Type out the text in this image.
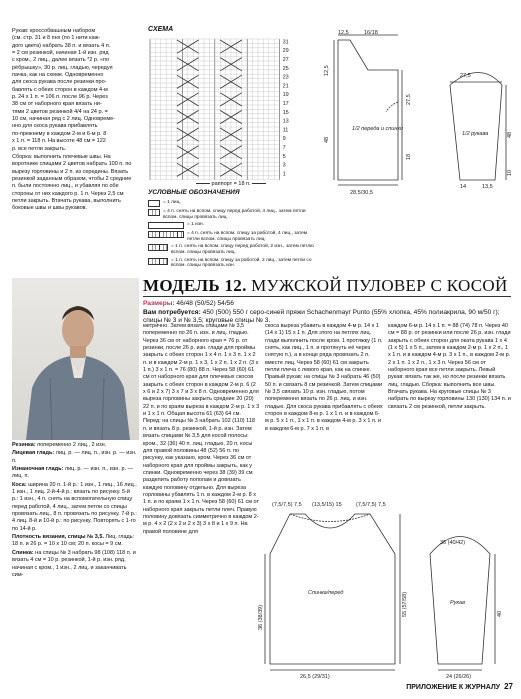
Рукав: кроссобвашным набором
(см. стр. 31 и 8 пнх (по 1 нити каж-
дого цвета) набрать 38 п. и вязать 4 п.
= 2 см резинкой, начиная 1-й изн. ряд
с кром., 2 лиц., далее вязать *2 р. «по
рёбрышку», 30 р. лиц. гладью, чередуя
пачка, как на схеме. Одновременно
для скоса рукава после резинки про-
бавлять с обеих сторон в каждом 4-м
р. 24 x 1 п. = 106 п. после 96 р. Через
38 см от наборного края вязать ни-
тями 2 цветов резинкой 4/4 на 24 р. =
10 см, начиная ряд с 2 лиц. Одновреме-
нно для скоса рукава прибавлять
по-прежнему в каждом 2-м и 6-м р. 8
x 1 п. = 118 п. На высоте 48 см = 122
р. все петли закрыть.

Сборка: выполнить плечевые швы. На воротнике спицами 2 цветов набрать 100 п. по вырезу горловины и 2 п. из середины. Вязать резинкой заданным образом, чтобы 2 средние п. были постоянно лиц., и убавляя по обе стороны от них каждого р. 1 п. Через 2,5 см петли закрыть. Втачать рукава, выполнить боковые швы и швы рукавов.

СХЕМА
31
29
27
25
23
21
19
17
15
13
11
9
7
5
3
1
раппорт = 18 п.
УСЛОВНЫЕ ОБОЗНАЧЕНИЯ
= 1 лиц.
= 4 п. снять на вспом. спицу перед работой, 4 лиц., затем петли вспом. спицы провязать лиц.
= 1 изн.
= 4 п. снять на вспом. спицу за работой, 4 лиц., затем петли вспом. спицы провязать лиц.
= 1 п. снять на вспом. спицу перед работой, 2 изн., затем петлю вспом. спицы провязать лиц.
= 1 п. снять на вспом. спицу за работой, 2 лиц., затем петли со вспом. спицы провязать изн.
12,5	16/18
12,5
27,5
48
18
28,5/30,5
1/2 переда и спинки
27,5
48
10
14	13,5
1/2 рукава
МОДЕЛЬ 12. МУЖСКОЙ ПУЛОВЕР С КОСОЙ
Размеры: 46/48 (50/52) 54/56
Вам потребуется: 450 (500) 550 г серо-синей пряжи Schachenmayr Punto (55% хлопка, 45% полиакрила, 90 м/50 г); спицы № 3 и № 3,5; круговые спицы № 3.

Резинка: попеременно 2 лиц., 2 изн.

Лицевая гладь: лиц. р. — лиц. п., изн. р. — изн. п.

Изнаночная гладь: лиц. р. — изн. п., изн. р. — лиц. п.

Коса: ширина 20 п. 1-й р.: 1 изн., 1 лиц., 16 лиц., 1 изн., 1 лиц. 2-й-4-й р.: вязать по рисунку. 5-й р.: 1 изн., 4 п. снять на вспомогательную спицу перед работой, 4 лиц., затем петли со спицы провязать лиц., 8 п. провязать по рисунку. 7-й р.: 4 лиц. 8-й и 10-й р.: по рисунку. Повторять с 1-го по 14-й р.

Плотность вязания, спицы № 3,5. Лиц. гладь: 18 п. и 26 р. = 10 x 10 см; 20 п. косы = 9 см.

Спинка: на спицы № 3 набрать 98 (108) 118 п. и вязать 4 см = 10 р. резинкой, 1-й р. изн. ряд, начиная с кром., 1 изн., 2 лиц. и заканчивать сим-

метрично. Затем вязать спицами № 3,5 попеременно по 26 п. изн. и лиц. гладью. Через 36 см от наборного края = 76 р. от резинки, после 26 р. изн. глади для проймы закрыть с обеих сторон 1 x 4 п. 1 x 3 п. 1 x 2 п. и в каждом 2-м р. 1 x 3, 1 x 2 п. 1 x 2 п. (3 x 1 п.) 3 x 1 п. = 76 (80) 88 п. Через 58 (60) 61 см от наборного края для плечевых скосов закрыть с обеих сторон в каждом 2-м р. 6 (2 x 6 и 2 x 7) 3 x 7 и 3 x 8 п. Одновременно для выреза горловины закрыть средние 20 (20) 22 п. и по краям выреза в каждом 2-м р. 1 x 3 и 1 x 1 п. Общая высота 61 (63) 64 см. Перед: на спицы № 3 набрать 102 (110) 118 п. и вязать 8 р. резинкой, 1-й р. изн. Затем вязать спицами № 3,5 для косой полосы: кром., 32 (36) 40 п. лиц. гладью, 20 п. косы для правой половины 48 (52) 56 п. по рисунку, как указано, кром. Через 36 см от наборного края для проймы закрыть, как у спинки. Одновременно через 38 (39) 39 см разделить работу пополам и довязать каждую половину отдельно. Для выреза горловины убавлять 1 п. в каждом 2-м р. 8 x 1 п. и по краям 1 x 1 п. Через 58 (60) 61 см от наборного края закрыть петли плеч. Правую половину довязать симметрично в каждом 2-м р. 4 x 2 (2 x 2 и 2 x 3) 3 x 8 и 1 x 9 п. На правой половине для

скоса выреза убавить в каждом 4-м р. 14 x 1 (14 x 1) 15 x 1 п. Для этого на петлях лиц. глади выполнить после кром. 1 протяжку (1 п. снять, как лиц., 1 п. и протянуть её через снятую п.), а в конце ряда провязать 2 п. вместе лиц. Через 58 (60) 61 см закрыть петли плеча с левого края, как на спинке. Правый рукав: на спицы № 3 набрать 46 (50) 50 п. и связать 8 см резинкой. Затем спицами № 3,5 связать 10 р. изн. гладью, потом попеременно вязать по 26 р. лиц. и изн. гладью. Для скоса рукава прибавлять с обеих сторон в каждом 8-м р. 1 x 1 п. и в каждом 6-м р. 5 x 1 п., 1 x 1 п. в каждом 4-м р. 3 x 1 п. и в каждом 6-м р. 7 x 1 п. в

каждом 6-м р. 14 x 1 п. = 88 (74) 78 п. Через 40 см = 88 р. от резинки или после 26 р. изн. глади закрыть с обеих сторон для оката рукава 1 x 4 (1 x 5) 1 x 5 п., затем в каждом 2-м р. 1 x 2 п., 1 x 1 п. и в каждом 4-м р. 3 x 1 п., в каждом 2-м р. 2 x 1 п. 1 x 2 п., 1 x 3 п. Через 56 см от наборного края все петли закрыть. Левый рукав: вязать так же, но после резинки вязать лиц. гладью. Сборка: выполнить все швы. Втачать рукава. На круговые спицы № 3 набрать по вырезу горловины 130 (130) 134 п. и связать 2 см резинкой, петли закрыть.

(7,5/7,5) 7,5 (13,5/15) 15	(7,5/7,5) 7,5
36 (40/42)
55 (57/58)
36 (38/39)	40
26,5 (29/31)	24 (26/26)
Спинка/перед
Рукав
ПРИЛОЖЕНИЕ К ЖУРНАЛУ 27
